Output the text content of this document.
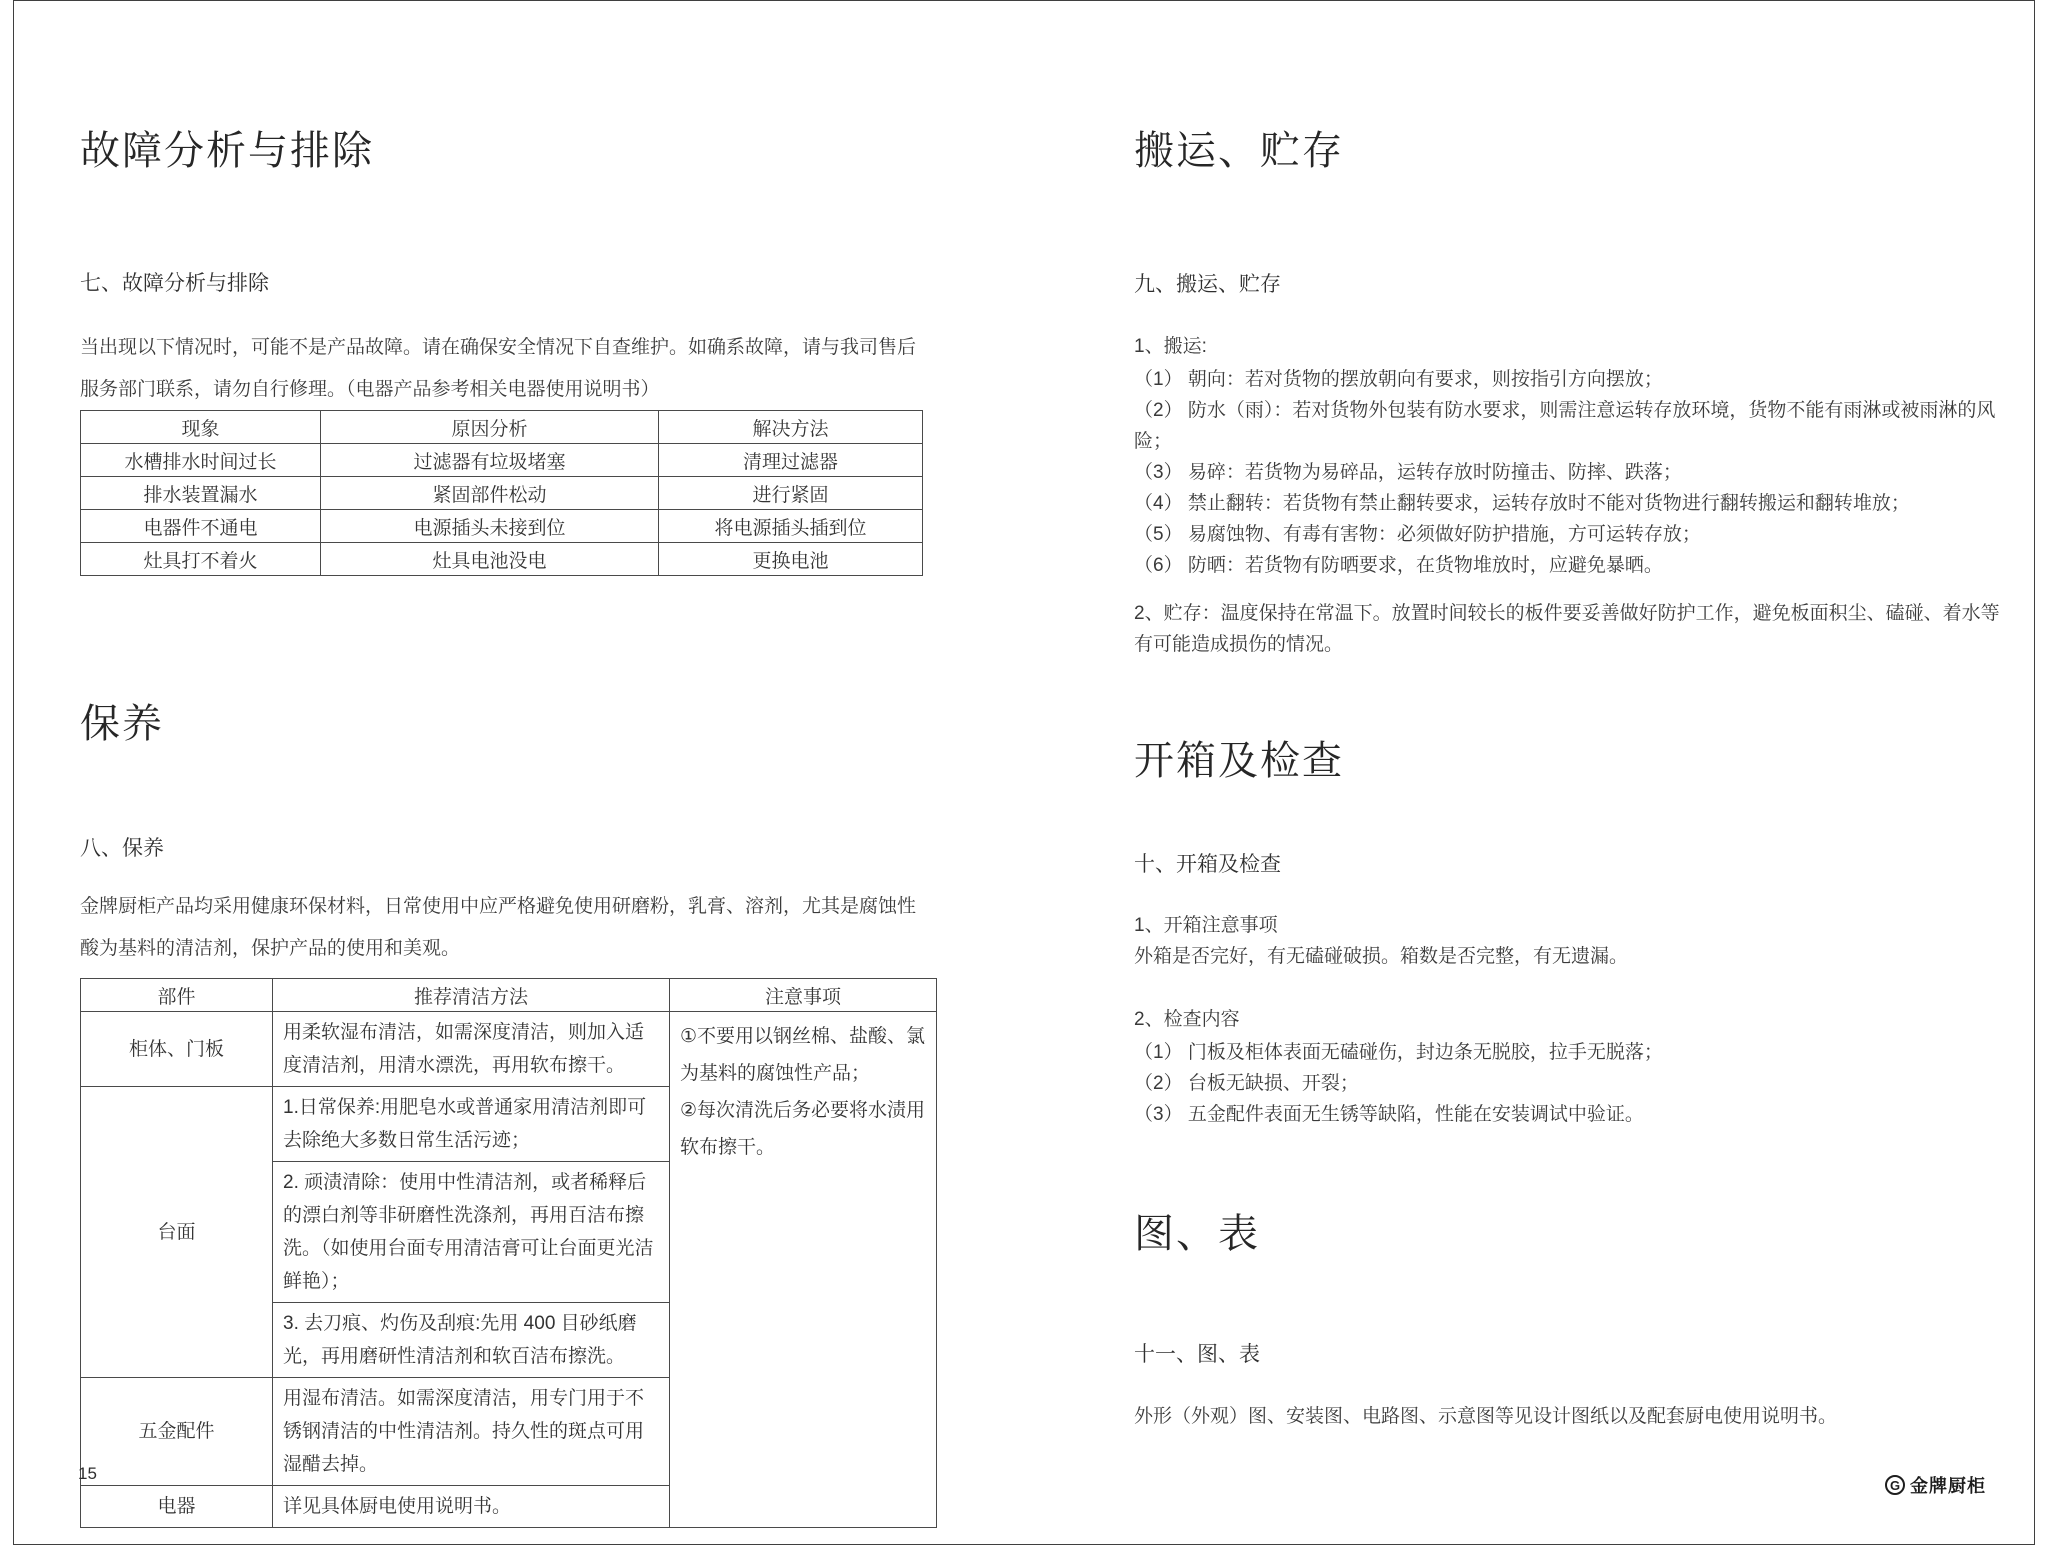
故障分析与排除
七、故障分析与排除

当出现以下情况时，可能不是产品故障。请在确保安全情况下自查维护。如确系故障，请与我司售后服务部门联系，请勿自行修理。（电器产品参考相关电器使用说明书）

现象	原因分析	解决方法
水槽排水时间过长	过滤器有垃圾堵塞	清理过滤器
排水装置漏水	紧固部件松动	进行紧固
电器件不通电	电源插头未接到位	将电源插头插到位
灶具打不着火	灶具电池没电	更换电池
保养
八、保养

金牌厨柜产品均采用健康环保材料，日常使用中应严格避免使用研磨粉，乳膏、溶剂，尤其是腐蚀性酸为基料的清洁剂，保护产品的使用和美观。

部件	推荐清洁方法	注意事项
柜体、门板	用柔软湿布清洁，如需深度清洁，则加入适度清洁剂，用清水漂洗，再用软布擦干。	①不要用以钢丝棉、盐酸、氯为基料的腐蚀性产品；
②每次清洗后务必要将水渍用软布擦干。

台面	1.日常保养:用肥皂水或普通家用清洁剂即可去除绝大多数日常生活污迹；	
	2. 顽渍清除：使用中性清洁剂，或者稀释后的漂白剂等非研磨性洗涤剂，再用百洁布擦洗。（如使用台面专用清洁膏可让台面更光洁鲜艳）；	
	3. 去刀痕、灼伤及刮痕:先用 400 目砂纸磨光，再用磨研性清洁剂和软百洁布擦洗。	
五金配件	用湿布清洁。如需深度清洁，用专门用于不锈钢清洁的中性清洁剂。持久性的斑点可用湿醋去掉。	
电器	详见具体厨电使用说明书。	
搬运、贮存
九、搬运、贮存
1、搬运:
（1） 朝向：若对货物的摆放朝向有要求，则按指引方向摆放；
（2） 防水（雨）：若对货物外包装有防水要求，则需注意运转存放环境，货物不能有雨淋或被雨淋的风险；
（3） 易碎：若货物为易碎品，运转存放时防撞击、防摔、跌落；
（4） 禁止翻转：若货物有禁止翻转要求，运转存放时不能对货物进行翻转搬运和翻转堆放；
（5） 易腐蚀物、有毒有害物：必须做好防护措施，方可运转存放；
（6） 防晒：若货物有防晒要求，在货物堆放时，应避免暴晒。

2、贮存：温度保持在常温下。放置时间较长的板件要妥善做好防护工作，避免板面积尘、磕碰、着水等有可能造成损伤的情况。

开箱及检查
十、开箱及检查
1、开箱注意事项
外箱是否完好，有无磕碰破损。箱数是否完整，有无遗漏。
2、检查内容
（1） 门板及柜体表面无磕碰伤，封边条无脱胶，拉手无脱落；
（2） 台板无缺损、开裂；
（3） 五金配件表面无生锈等缺陷，性能在安装调试中验证。
图、表
十一、图、表
外形（外观）图、安装图、电路图、示意图等见设计图纸以及配套厨电使用说明书。
15
G 金牌厨柜
